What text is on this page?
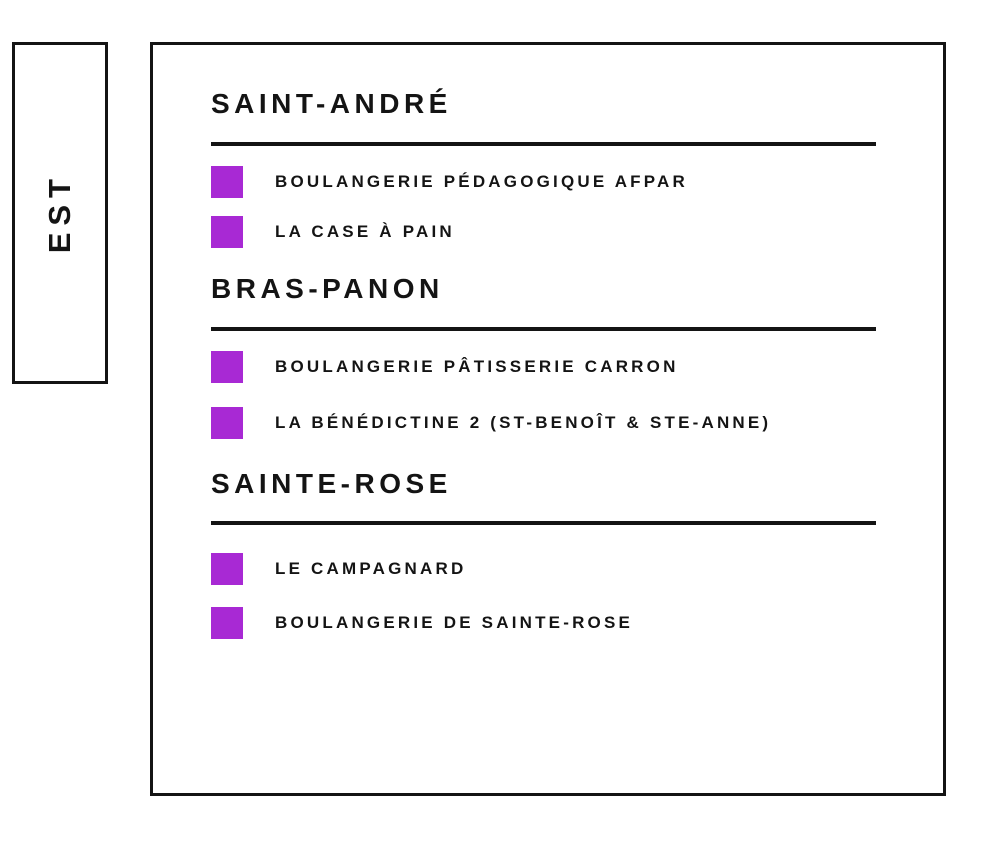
EST
SAINT-ANDRÉ
BOULANGERIE PÉDAGOGIQUE AFPAR
LA CASE À PAIN
BRAS-PANON
BOULANGERIE PÂTISSERIE CARRON
LA BÉNÉDICTINE 2 (ST-BENOÎT & STE-ANNE)
SAINTE-ROSE
LE CAMPAGNARD
BOULANGERIE DE SAINTE-ROSE
